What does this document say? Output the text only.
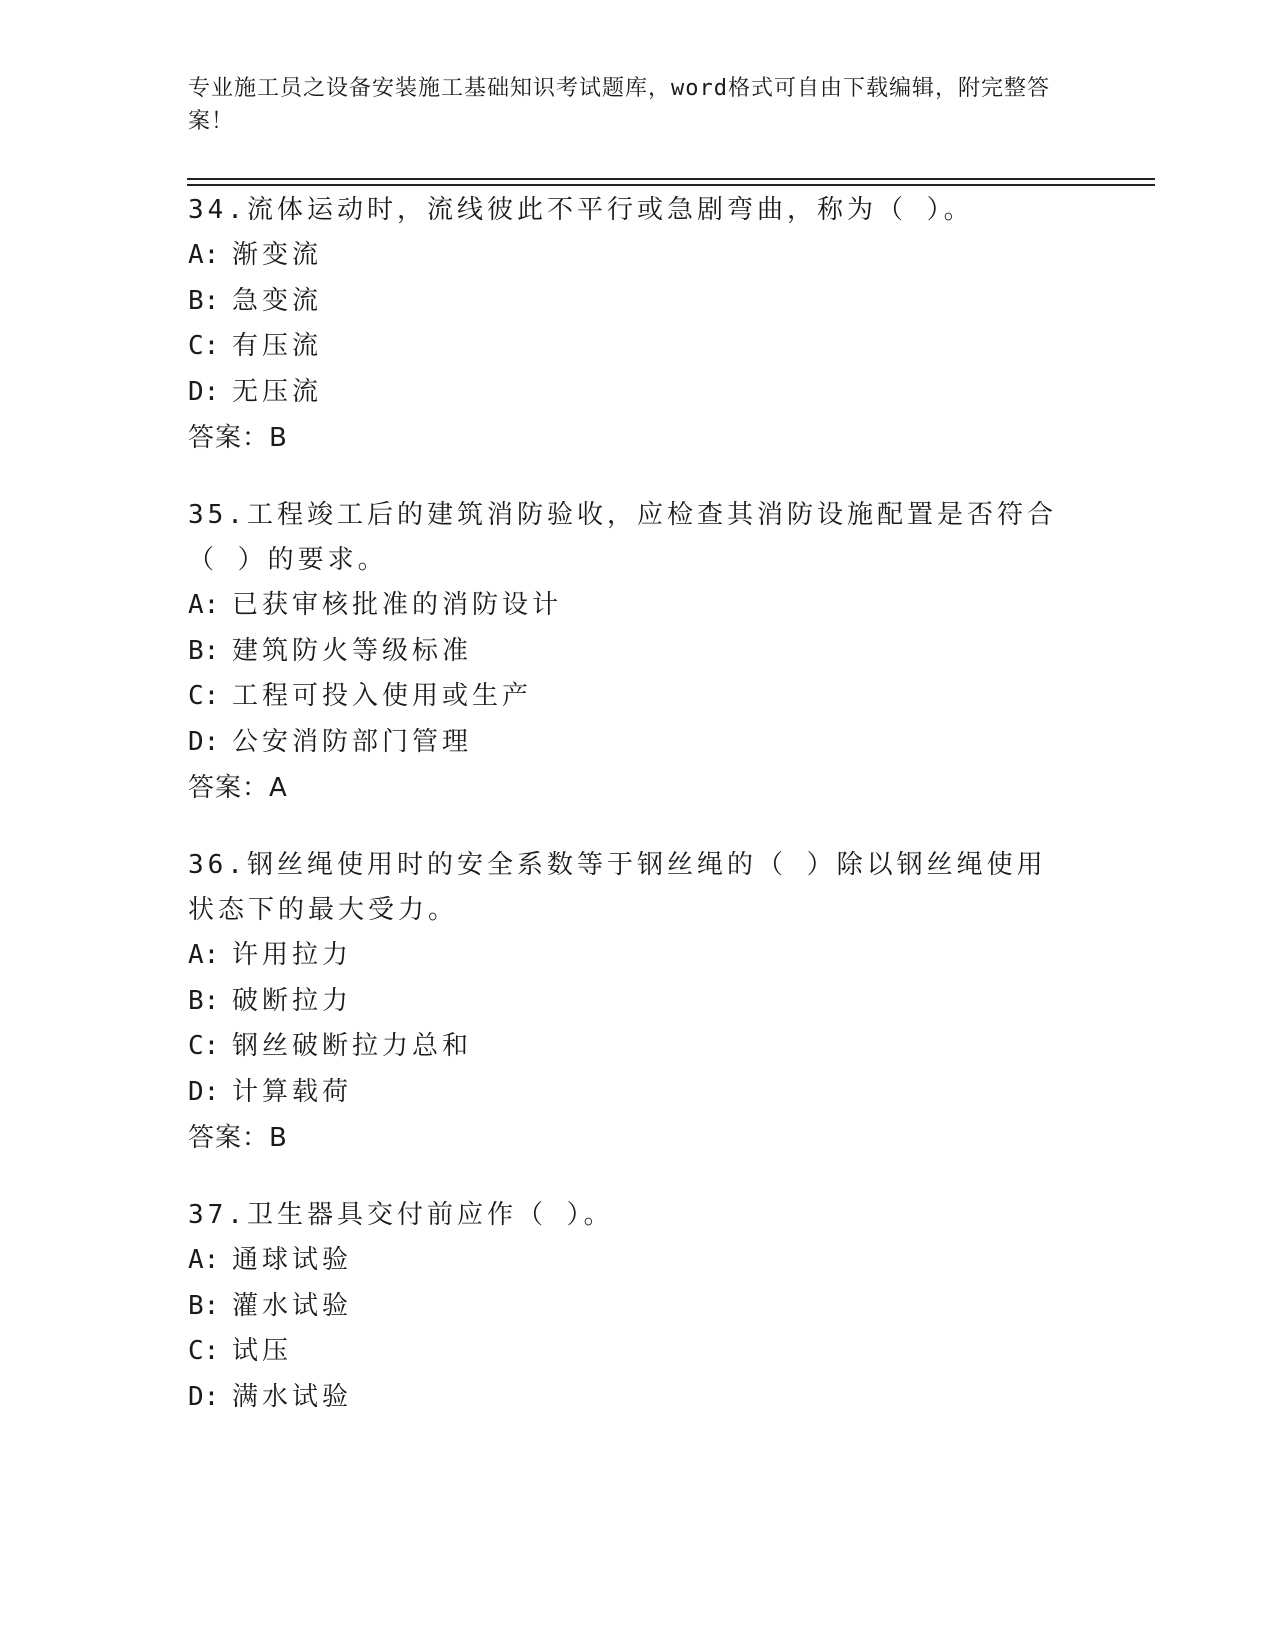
专业施工员之设备安装施工基础知识考试题库，word格式可自由下载编辑，附完整答案！
34.流体运动时，流线彼此不平行或急剧弯曲，称为（ ）。
A: 渐变流
B: 急变流
C: 有压流
D: 无压流
答案：B
35.工程竣工后的建筑消防验收，应检查其消防设施配置是否符合（ ）的要求。
A: 已获审核批准的消防设计
B: 建筑防火等级标准
C: 工程可投入使用或生产
D: 公安消防部门管理
答案：A
36.钢丝绳使用时的安全系数等于钢丝绳的（ ）除以钢丝绳使用状态下的最大受力。
A: 许用拉力
B: 破断拉力
C: 钢丝破断拉力总和
D: 计算载荷
答案：B
37.卫生器具交付前应作（ ）。
A: 通球试验
B: 灌水试验
C: 试压
D: 满水试验
